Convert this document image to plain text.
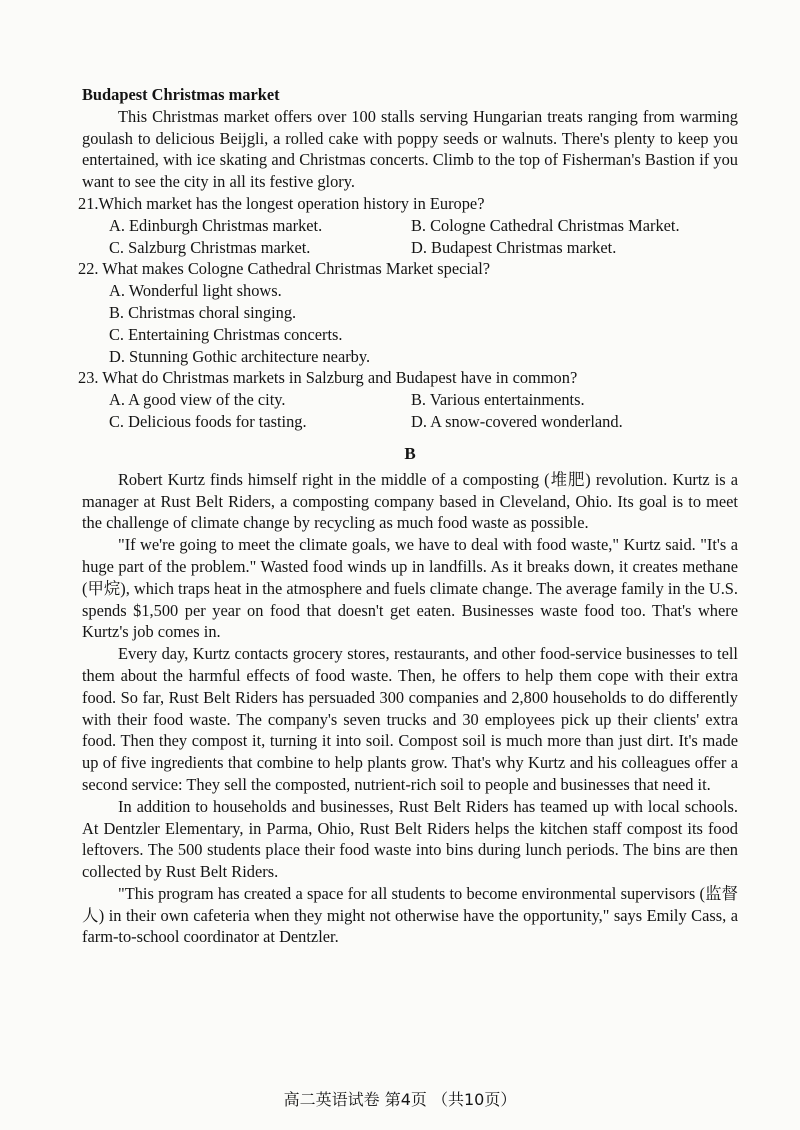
Budapest Christmas market

This Christmas market offers over 100 stalls serving Hungarian treats ranging from warming goulash to delicious Beijgli, a rolled cake with poppy seeds or walnuts. There's plenty to keep you entertained, with ice skating and Christmas concerts. Climb to the top of Fisherman's Bastion if you want to see the city in all its festive glory.

21.Which market has the longest operation history in Europe?

A. Edinburgh Christmas market.	B. Cologne Cathedral Christmas Market.
C. Salzburg Christmas market.	D. Budapest Christmas market.

22. What makes Cologne Cathedral Christmas Market special?

A. Wonderful light shows.

B. Christmas choral singing.

C. Entertaining Christmas concerts.

D. Stunning Gothic architecture nearby.

23. What do Christmas markets in Salzburg and Budapest have in common?

A. A good view of the city.	B. Various entertainments.
C. Delicious foods for tasting.	D. A snow-covered wonderland.
B

Robert Kurtz finds himself right in the middle of a composting (堆肥) revolution. Kurtz is a manager at Rust Belt Riders, a composting company based in Cleveland, Ohio. Its goal is to meet the challenge of climate change by recycling as much food waste as possible.

"If we're going to meet the climate goals, we have to deal with food waste," Kurtz said. "It's a huge part of the problem." Wasted food winds up in landfills. As it breaks down, it creates methane (甲烷), which traps heat in the atmosphere and fuels climate change. The average family in the U.S. spends $1,500 per year on food that doesn't get eaten. Businesses waste food too. That's where Kurtz's job comes in.

Every day, Kurtz contacts grocery stores, restaurants, and other food-service businesses to tell them about the harmful effects of food waste. Then, he offers to help them cope with their extra food. So far, Rust Belt Riders has persuaded 300 companies and 2,800 households to do differently with their food waste. The company's seven trucks and 30 employees pick up their clients' extra food. Then they compost it, turning it into soil. Compost soil is much more than just dirt. It's made up of five ingredients that combine to help plants grow. That's why Kurtz and his colleagues offer a second service: They sell the composted, nutrient-rich soil to people and businesses that need it.

In addition to households and businesses, Rust Belt Riders has teamed up with local schools. At Dentzler Elementary, in Parma, Ohio, Rust Belt Riders helps the kitchen staff compost its food leftovers. The 500 students place their food waste into bins during lunch periods. The bins are then collected by Rust Belt Riders.

"This program has created a space for all students to become environmental supervisors (监督人) in their own cafeteria when they might not otherwise have the opportunity," says Emily Cass, a farm-to-school coordinator at Dentzler.

高二英语试卷 第4页 （共10页）
